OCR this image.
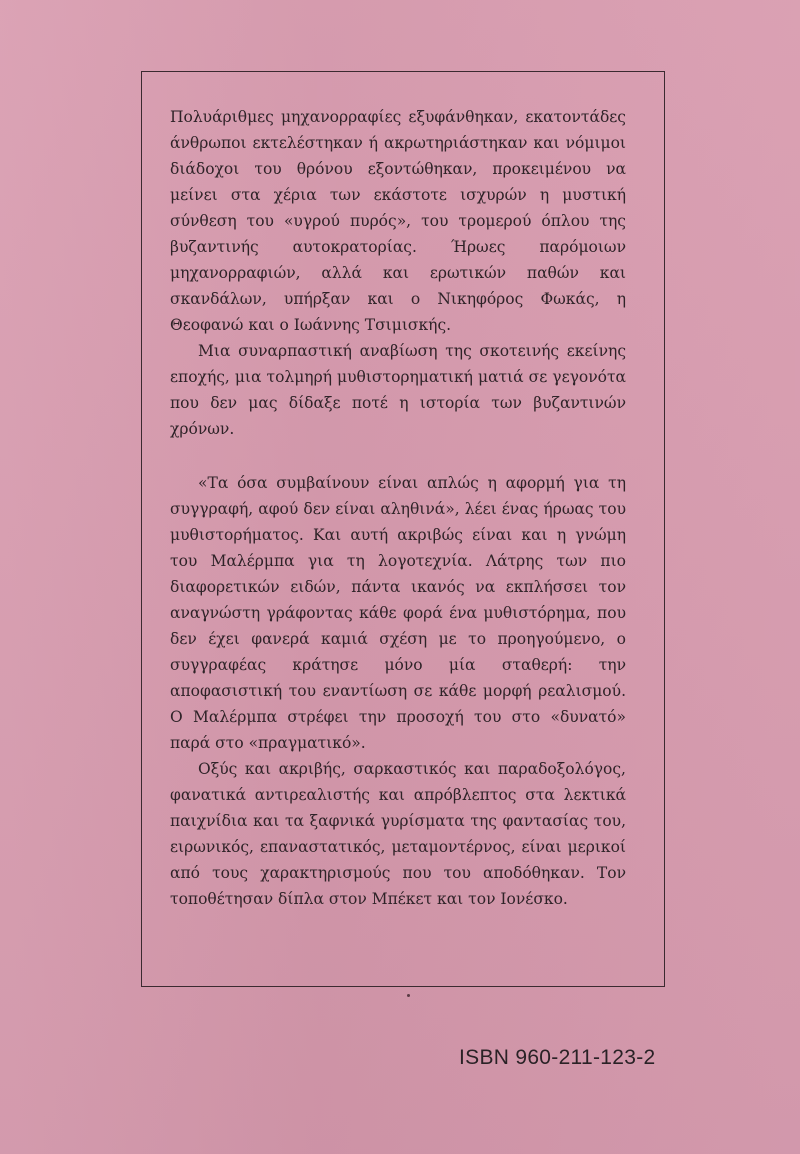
Πολυάριθμες μηχανορραφίες εξυφάνθηκαν, εκατοντάδες άνθρωποι εκτελέστηκαν ή ακρωτηριάστηκαν και νόμιμοι διάδοχοι του θρόνου εξοντώθηκαν, προκειμένου να μείνει στα χέρια των εκάστοτε ισχυρών η μυστική σύνθεση του «υγρού πυρός», του τρομερού όπλου της βυζαντινής αυτοκρατορίας. Ήρωες παρόμοιων μηχανορραφιών, αλλά και ερωτικών παθών και σκανδάλων, υπήρξαν και ο Νικηφόρος Φωκάς, η Θεοφανώ και ο Ιωάννης Τσιμισκής.

Μια συναρπαστική αναβίωση της σκοτεινής εκείνης εποχής, μια τολμηρή μυθιστορηματική ματιά σε γεγονότα που δεν μας δίδαξε ποτέ η ιστορία των βυζαντινών χρόνων.

«Τα όσα συμβαίνουν είναι απλώς η αφορμή για τη συγγραφή, αφού δεν είναι αληθινά», λέει ένας ήρωας του μυθιστορήματος. Και αυτή ακριβώς είναι και η γνώμη του Μαλέρμπα για τη λογοτεχνία. Λάτρης των πιο διαφορετικών ειδών, πάντα ικανός να εκπλήσσει τον αναγνώστη γράφοντας κάθε φορά ένα μυθιστόρημα, που δεν έχει φανερά καμιά σχέση με το προηγούμενο, ο συγγραφέας κράτησε μόνο μία σταθερή: την αποφασιστική του εναντίωση σε κάθε μορφή ρεαλισμού. Ο Μαλέρμπα στρέφει την προσοχή του στο «δυνατό» παρά στο «πραγματικό».

Οξύς και ακριβής, σαρκαστικός και παραδοξολόγος, φανατικά αντιρεαλιστής και απρόβλεπτος στα λεκτικά παιχνίδια και τα ξαφνικά γυρίσματα της φαντασίας του, ειρωνικός, επαναστατικός, μεταμοντέρνος, είναι μερικοί από τους χαρακτηρισμούς που του αποδόθηκαν. Τον τοποθέτησαν δίπλα στον Μπέκετ και τον Ιονέσκο.

ISBN 960-211-123-2
